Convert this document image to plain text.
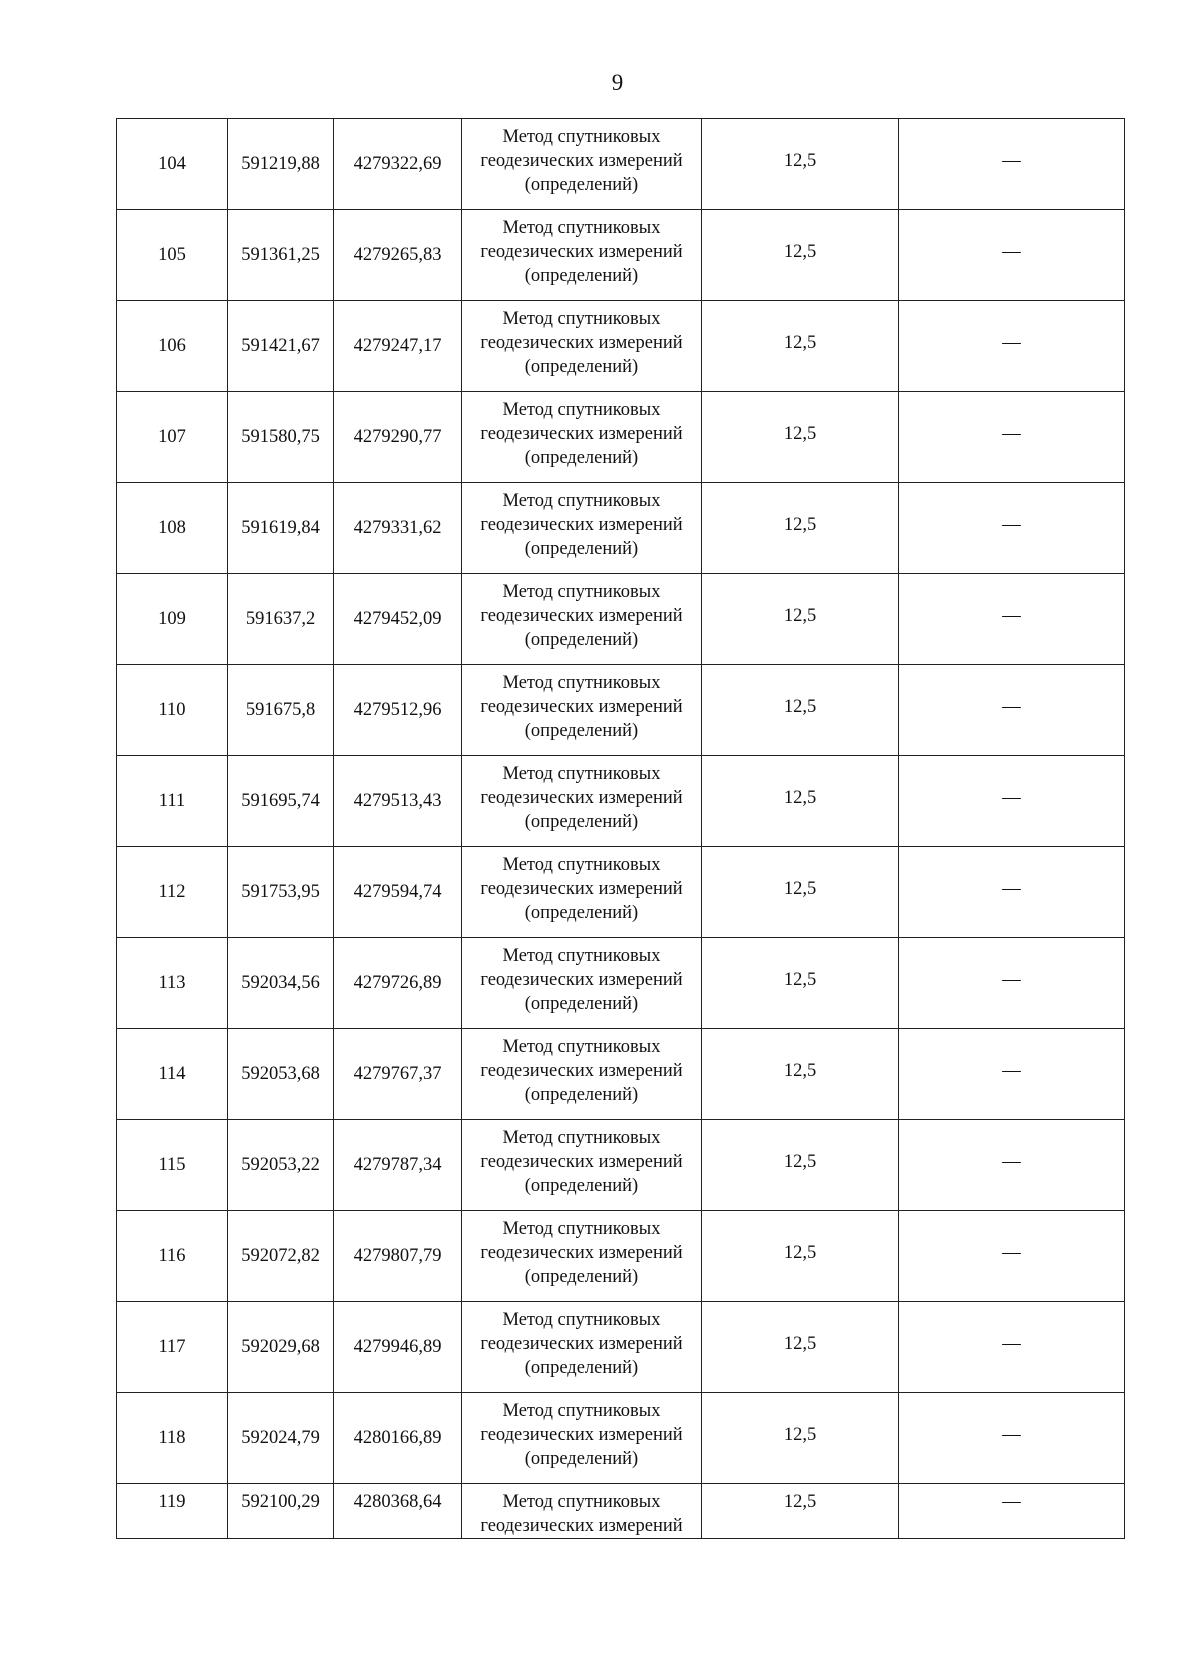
9
104	591219,88	4279322,69	Метод спутниковых
геодезических измерений
(определений)	12,5	—
105	591361,25	4279265,83	Метод спутниковых
геодезических измерений
(определений)	12,5	—
106	591421,67	4279247,17	Метод спутниковых
геодезических измерений
(определений)	12,5	—
107	591580,75	4279290,77	Метод спутниковых
геодезических измерений
(определений)	12,5	—
108	591619,84	4279331,62	Метод спутниковых
геодезических измерений
(определений)	12,5	—
109	591637,2	4279452,09	Метод спутниковых
геодезических измерений
(определений)	12,5	—
110	591675,8	4279512,96	Метод спутниковых
геодезических измерений
(определений)	12,5	—
111	591695,74	4279513,43	Метод спутниковых
геодезических измерений
(определений)	12,5	—
112	591753,95	4279594,74	Метод спутниковых
геодезических измерений
(определений)	12,5	—
113	592034,56	4279726,89	Метод спутниковых
геодезических измерений
(определений)	12,5	—
114	592053,68	4279767,37	Метод спутниковых
геодезических измерений
(определений)	12,5	—
115	592053,22	4279787,34	Метод спутниковых
геодезических измерений
(определений)	12,5	—
116	592072,82	4279807,79	Метод спутниковых
геодезических измерений
(определений)	12,5	—
117	592029,68	4279946,89	Метод спутниковых
геодезических измерений
(определений)	12,5	—
118	592024,79	4280166,89	Метод спутниковых
геодезических измерений
(определений)	12,5	—
119	592100,29	4280368,64	Метод спутниковых
геодезических измерений	12,5	—
